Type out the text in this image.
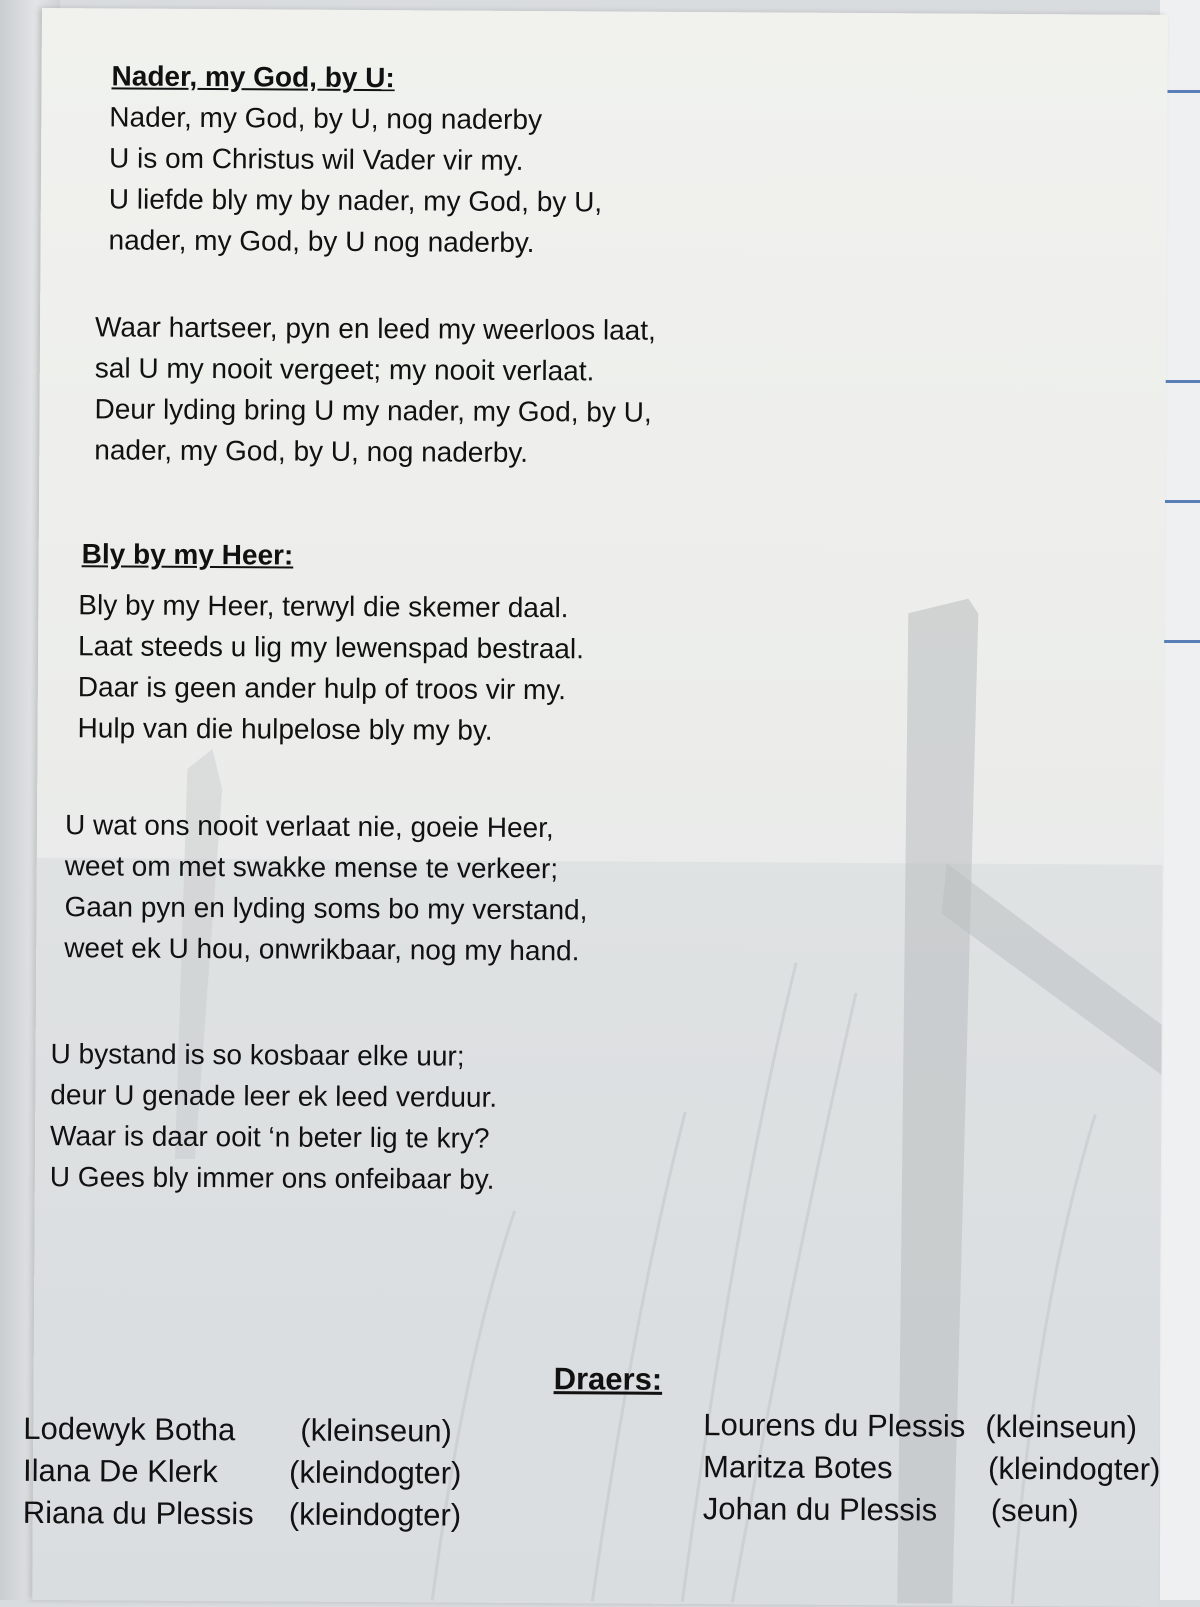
Nader, my God, by U:
Nader, my God, by U, nog naderby
U is om Christus wil Vader vir my.
U liefde bly my by nader, my God, by U,
nader, my God, by U nog naderby.
Waar hartseer, pyn en leed my weerloos laat,
sal U my nooit vergeet; my nooit verlaat.
Deur lyding bring U my nader, my God, by U,
nader, my God, by U, nog naderby.
Bly by my Heer:
Bly by my Heer, terwyl die skemer daal.
Laat steeds u lig my lewenspad bestraal.
Daar is geen ander hulp of troos vir my.
Hulp van die hulpelose bly my by.
U wat ons nooit verlaat nie, goeie Heer,
weet om met swakke mense te verkeer;
Gaan pyn en lyding soms bo my verstand,
weet ek U hou, onwrikbaar, nog my hand.
U bystand is so kosbaar elke uur;
deur U genade leer ek leed verduur.
Waar is daar ooit ‘n beter lig te kry?
U Gees bly immer ons onfeibaar by.
Draers:
Lodewyk Botha (kleinseun)
Ilana De Klerk (kleindogter)
Riana du Plessis (kleindogter)
Lourens du Plessis (kleinseun)
Maritza Botes	(kleindogter)
Johan du Plessis (seun)
